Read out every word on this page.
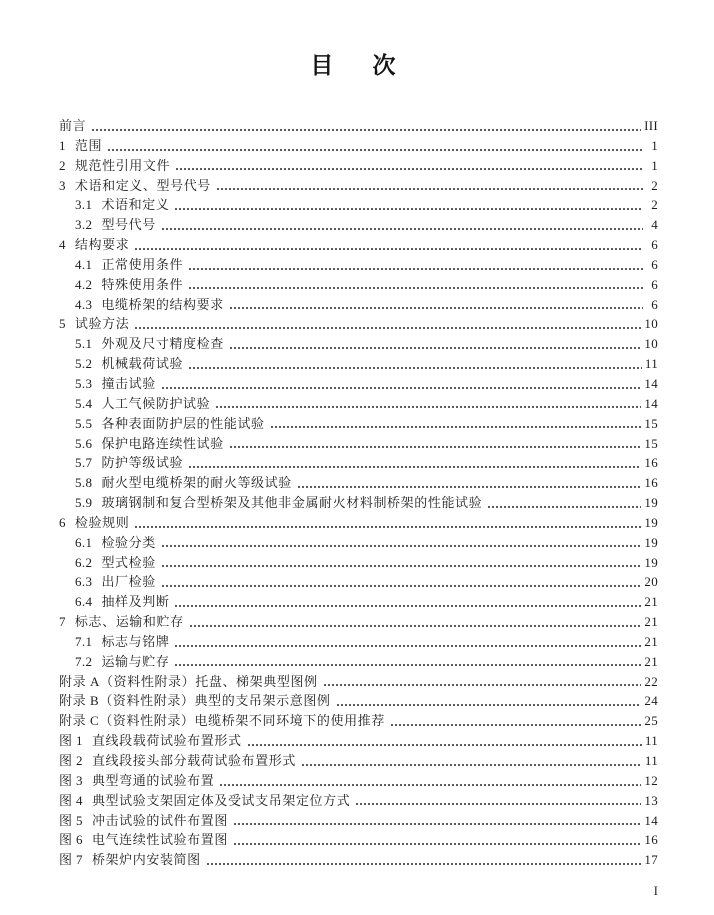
目　次
前言	III
1 范围	1
2 规范性引用文件	1
3 术语和定义、型号代号	2
3.1 术语和定义	2
3.2 型号代号	4
4 结构要求	6
4.1 正常使用条件	6
4.2 特殊使用条件	6
4.3 电缆桥架的结构要求	6
5 试验方法	10
5.1 外观及尺寸精度检查	10
5.2 机械载荷试验	11
5.3 撞击试验	14
5.4 人工气候防护试验	14
5.5 各种表面防护层的性能试验	15
5.6 保护电路连续性试验	15
5.7 防护等级试验	16
5.8 耐火型电缆桥架的耐火等级试验	16
5.9 玻璃钢制和复合型桥架及其他非金属耐火材料制桥架的性能试验	19
6 检验规则	19
6.1 检验分类	19
6.2 型式检验	19
6.3 出厂检验	20
6.4 抽样及判断	21
7 标志、运输和贮存	21
7.1 标志与铭牌	21
7.2 运输与贮存	21
附录 A（资料性附录）托盘、梯架典型图例	22
附录 B（资料性附录）典型的支吊架示意图例	24
附录 C（资料性附录）电缆桥架不同环境下的使用推荐	25
图 1 直线段载荷试验布置形式	11
图 2 直线段接头部分载荷试验布置形式	11
图 3 典型弯通的试验布置	12
图 4 典型试验支架固定体及受试支吊架定位方式	13
图 5 冲击试验的试件布置图	14
图 6 电气连续性试验布置图	16
图 7 桥架炉内安装简图	17
I
